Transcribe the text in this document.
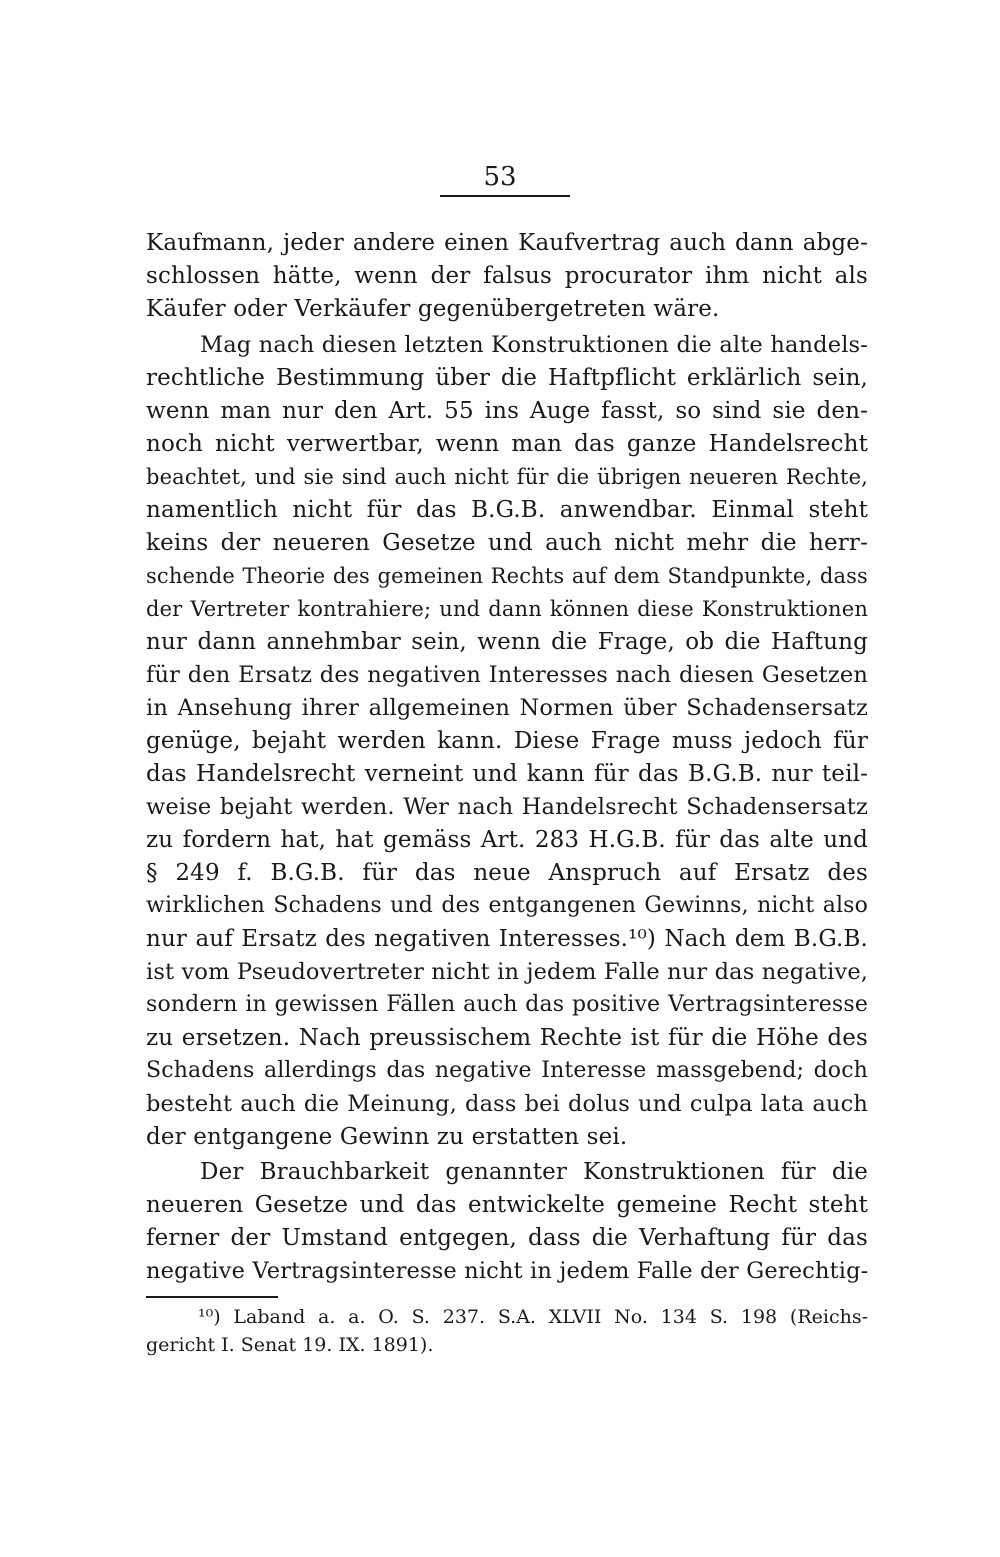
53
Kaufmann, jeder andere einen Kaufvertrag auch dann abge-
schlossen hätte, wenn der falsus procurator ihm nicht als
Käufer oder Verkäufer gegenübergetreten wäre.
Mag nach diesen letzten Konstruktionen die alte handels-
rechtliche Bestimmung über die Haftpflicht erklärlich sein,
wenn man nur den Art. 55 ins Auge fasst, so sind sie den-
noch nicht verwertbar, wenn man das ganze Handelsrecht
beachtet, und sie sind auch nicht für die übrigen neueren Rechte,
namentlich nicht für das B.G.B. anwendbar. Einmal steht
keins der neueren Gesetze und auch nicht mehr die herr-
schende Theorie des gemeinen Rechts auf dem Standpunkte, dass
der Vertreter kontrahiere; und dann können diese Konstruktionen
nur dann annehmbar sein, wenn die Frage, ob die Haftung
für den Ersatz des negativen Interesses nach diesen Gesetzen
in Ansehung ihrer allgemeinen Normen über Schadensersatz
genüge, bejaht werden kann. Diese Frage muss jedoch für
das Handelsrecht verneint und kann für das B.G.B. nur teil-
weise bejaht werden. Wer nach Handelsrecht Schadensersatz
zu fordern hat, hat gemäss Art. 283 H.G.B. für das alte und
§ 249 f. B.G.B. für das neue Anspruch auf Ersatz des
wirklichen Schadens und des entgangenen Gewinns, nicht also
nur auf Ersatz des negativen Interesses.¹⁰) Nach dem B.G.B.
ist vom Pseudovertreter nicht in jedem Falle nur das negative,
sondern in gewissen Fällen auch das positive Vertragsinteresse
zu ersetzen. Nach preussischem Rechte ist für die Höhe des
Schadens allerdings das negative Interesse massgebend; doch
besteht auch die Meinung, dass bei dolus und culpa lata auch
der entgangene Gewinn zu erstatten sei.
Der Brauchbarkeit genannter Konstruktionen für die
neueren Gesetze und das entwickelte gemeine Recht steht
ferner der Umstand entgegen, dass die Verhaftung für das
negative Vertragsinteresse nicht in jedem Falle der Gerechtig-
¹⁰) Laband a. a. O. S. 237. S.A. XLVII No. 134 S. 198 (Reichs-
gericht I. Senat 19. IX. 1891).
